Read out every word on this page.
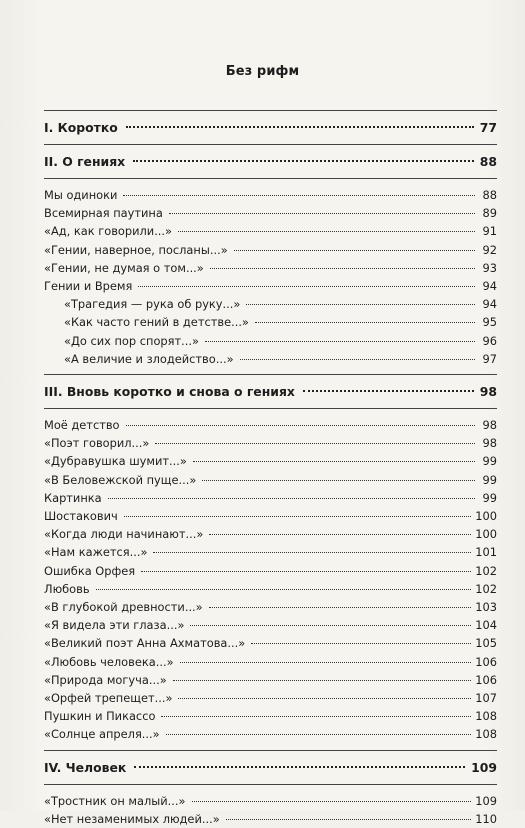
Без рифм
I. Коротко	77
II. О гениях	88
Мы одиноки	88
Всемирная паутина	89
«Ад, как говорили...»	91
«Гении, наверное, посланы...»	92
«Гении, не думая о том...»	93
Гении и Время	94
«Трагедия — рука об руку...»	94
«Как часто гений в детстве...»	95
«До сих пор спорят...»	96
«А величие и злодейство...»	97
III. Вновь коротко и снова о гениях	98
Моё детство	98
«Поэт говорил...»	98
«Дубравушка шумит...»	99
«В Беловежской пуще...»	99
Картинка	99
Шостакович	100
«Когда люди начинают...»	100
«Нам кажется...»	101
Ошибка Орфея	102
Любовь	102
«В глубокой древности...»	103
«Я видела эти глаза...»	104
«Великий поэт Анна Ахматова...»	105
«Любовь человека...»	106
«Природа могуча...»	106
«Орфей трепещет...»	107
Пушкин и Пикассо	108
«Солнце апреля...»	108
IV. Человек	109
«Тростник он малый...»	109
«Нет незаменимых людей...»	110
